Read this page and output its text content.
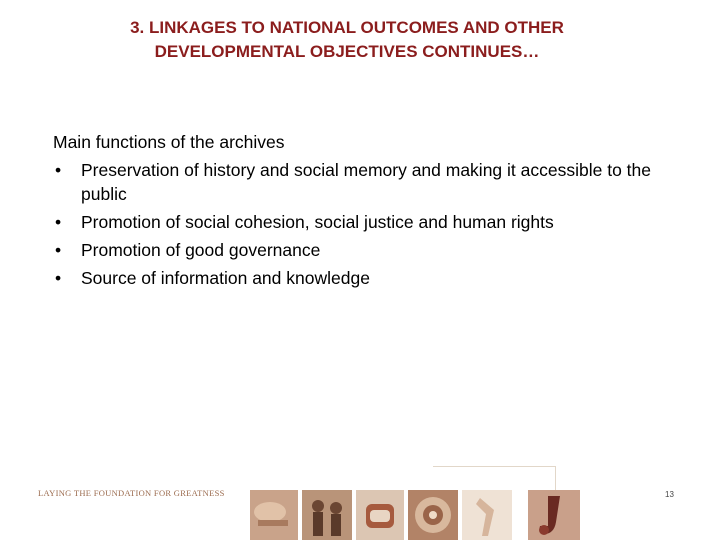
3. LINKAGES TO NATIONAL OUTCOMES AND OTHER
DEVELOPMENTAL OBJECTIVES CONTINUES…
Main functions of the archives
• Preservation of history and social memory and making it accessible to the public
• Promotion of social cohesion, social justice and human rights
• Promotion of good governance
• Source of information and knowledge
LAYING THE FOUNDATION FOR GREATNESS	13
